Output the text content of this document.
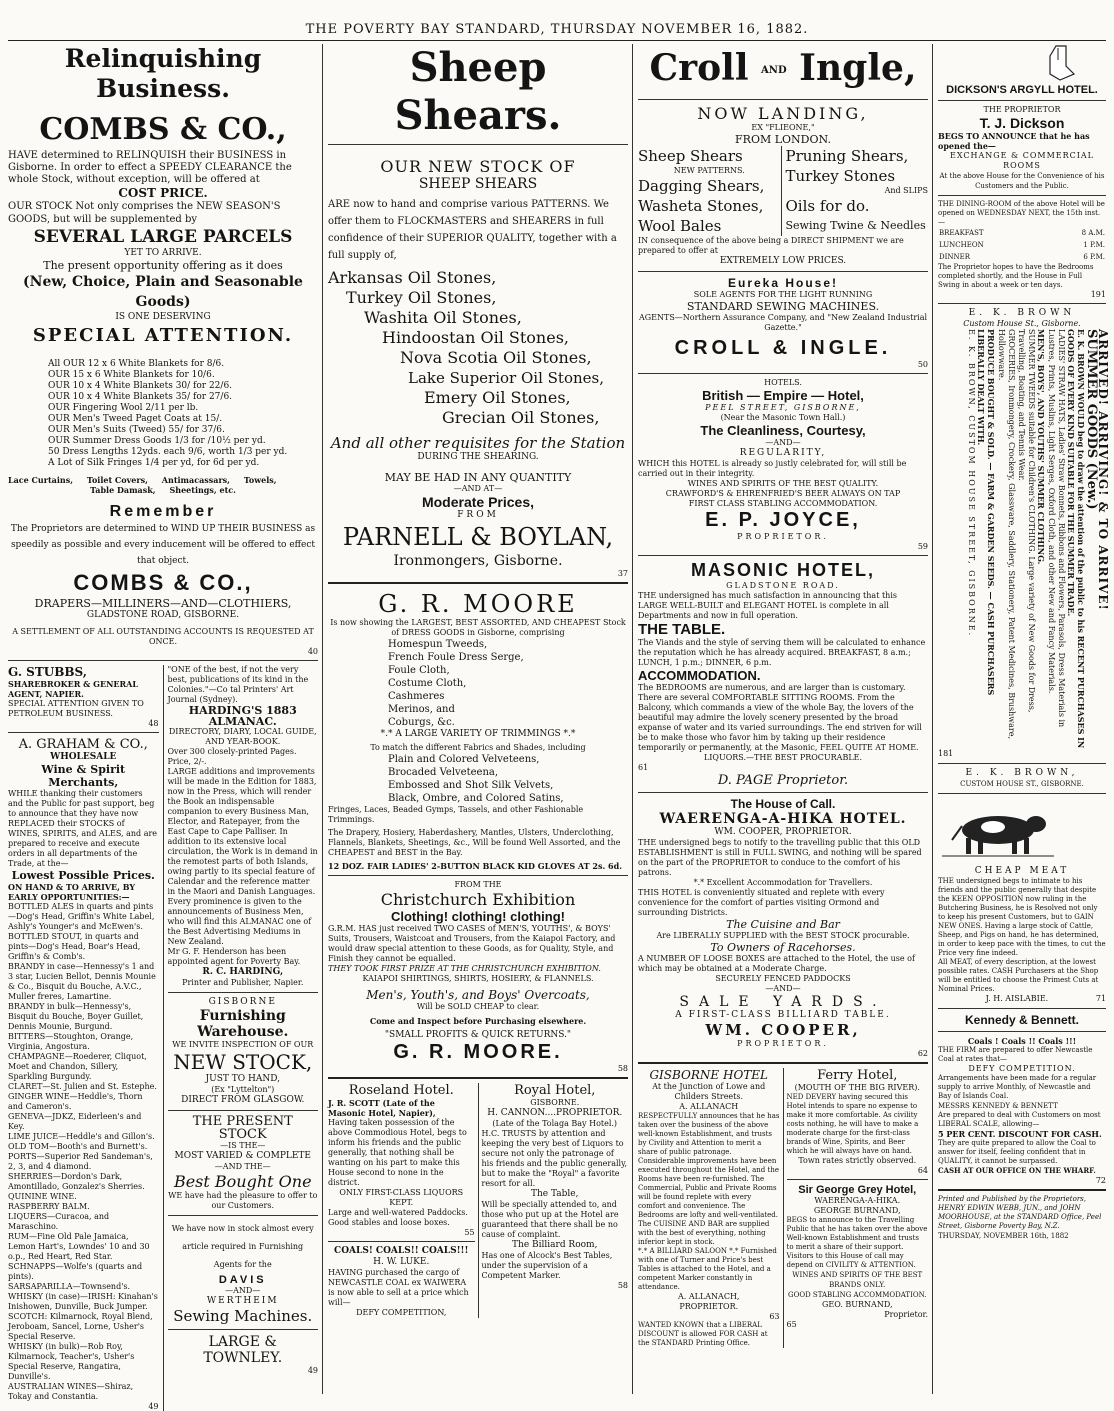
THE POVERTY BAY STANDARD, THURSDAY NOVEMBER 16, 1882.

Relinquishing Business.

COMBS & CO.,

HAVE determined to RELINQUISH their BUSINESS in Gisborne. In order to effect a SPEEDY CLEARANCE the whole Stock, without exception, will be offered at

COST PRICE.

OUR STOCK Not only comprises the NEW SEASON'S GOODS, but will be supplemented by

SEVERAL LARGE PARCELS

YET TO ARRIVE.

The present opportunity offering as it does

(New, Choice, Plain and Seasonable Goods)

IS ONE DESERVING

SPECIAL ATTENTION.

All OUR 12 x 6 White Blankets for 8/6.
OUR 15 x 6 White Blankets for 10/6.
OUR 10 x 4 White Blankets 30/ for 22/6.
OUR 10 x 4 White Blankets 35/ for 27/6.
OUR Fingering Wool 2/11 per lb.
OUR Men's Tweed Paget Coats at 15/.
OUR Men's Suits (Tweed) 55/ for 37/6.
OUR Summer Dress Goods 1/3 for /10½ per yd.
50 Dress Lengths 12yds. each 9/6, worth 1/3 per yd.
A Lot of Silk Fringes 1/4 per yd, for 6d per yd.

Lace Curtains,     Toilet Covers,     Antimacassars,     Towels,

Table Damask,     Sheetings, etc.

Remember

The Proprietors are determined to WIND UP THEIR BUSINESS as speedily as possible and every inducement will be offered to effect that object.

COMBS & CO.,

DRAPERS—MILLINERS—AND—CLOTHIERS,

GLADSTONE ROAD, GISBORNE.

A SETTLEMENT OF ALL OUTSTANDING ACCOUNTS IS REQUESTED AT ONCE.

40

G. STUBBS,

SHAREBROKER & GENERAL AGENT, NAPIER.

SPECIAL ATTENTION GIVEN TO PETROLEUM BUSINESS.

48

A. GRAHAM & CO.,

WHOLESALE

Wine & Spirit Merchants,

WHILE thanking their customers and the Public for past support, beg to announce that they have now REPLACED their STOCKS of WINES, SPIRITS, and ALES, and are prepared to receive and execute orders in all departments of the Trade, at the—

Lowest Possible Prices.

ON HAND & TO ARRIVE, BY EARLY OPPORTUNITIES:—

BOTTLED ALES in quarts and pints—Dog's Head, Griffin's White Label, Ashly's Younger's and McEwen's.
BOTTLED STOUT, in quarts and pints—Dog's Head, Boar's Head, Griffin's & Comb's.
BRANDY in case—Hennessy's 1 and 3 star, Lucien Bellot, Dennis Mounie & Co., Bisquit du Bouche, A.V.C., Muller freres, Lamartine.
BRANDY in bulk—Hennessy's, Bisquit du Bouche, Boyer Guillet, Dennis Mounie, Burgund.
BITTERS—Stoughton, Orange, Virginia, Angostura.
CHAMPAGNE—Roederer, Cliquot, Moet and Chandon, Sillery, Sparkling Burgundy.
CLARET—St. Julien and St. Estephe.
GINGER WINE—Heddle's, Thorn and Cameron's.
GENEVA—JDKZ, Eiderleen's and Key.
LIME JUICE—Heddle's and Gillon's.
OLD TOM—Booth's and Burnett's.
PORTS—Superior Red Sandeman's, 2, 3, and 4 diamond.
SHERRIES—Dordon's Dark, Amontillado, Gonzalez's Sherries.
QUININE WINE.
RASPBERRY BALM.
LIQUERS—Curacoa, and Maraschino.
RUM—Fine Old Pale Jamaica, Lemon Hart's, Lowndes' 10 and 30 o.p., Red Heart, Red Star.
SCHNAPPS—Wolfe's (quarts and pints).
SARSAPARILLA—Townsend's.
WHISKY (in case)—IRISH: Kinahan's Inishowen, Dunville, Buck Jumper. SCOTCH: Kilmarnock, Royal Blend, Jeroboam, Sancel, Lorne, Usher's Special Reserve.
WHISKY (in bulk)—Rob Roy, Kilmarnock, Teacher's, Usher's Special Reserve, Rangatira, Dunville's.
AUSTRALIAN WINES—Shiraz, Tokay and Constantia.

49

"ONE of the best, if not the very best, publications of its kind in the Colonies."—Co tal Printers' Art Journal (Sydney).

HARDING'S 1883 ALMANAC.

DIRECTORY, DIARY, LOCAL GUIDE, AND YEAR-BOOK.

Over 300 closely-printed Pages. Price, 2/-.

LARGE additions and improvements will be made in the Edition for 1883, now in the Press, which will render the Book an indispensable companion to every Business Man, Elector, and Ratepayer, from the East Cape to Cape Palliser. In addition to its extensive local circulation, the Work is in demand in the remotest parts of both Islands, owing partly to its special feature of Calendar and the reference matter in the Maori and Danish Languages.

Every prominence is given to the announcements of Business Men, who will find this ALMANAC one of the Best Advertising Mediums in New Zealand.

Mr G. F. Henderson has been appointed agent for Poverty Bay.

R. C. HARDING,

Printer and Publisher, Napier.

GISBORNE

Furnishing Warehouse.

WE INVITE INSPECTION OF OUR

NEW STOCK,

JUST TO HAND,

(Ex "Lyttelton")

DIRECT FROM GLASGOW.

THE PRESENT STOCK

—IS THE—

MOST VARIED & COMPLETE

—AND THE—

Best Bought One

WE have had the pleasure to offer to our Customers.

We have now in stock almost every article required in Furnishing Agents for the

DAVIS

—AND—

WERTHEIM

Sewing Machines.

LARGE & TOWNLEY.

49

Sheep Shears.

OUR NEW STOCK OF

SHEEP SHEARS

ARE now to hand and comprise various PATTERNS. We offer them to FLOCKMASTERS and SHEARERS in full confidence of their SUPERIOR QUALITY, together with a full supply of,

Arkansas Oil Stones,

Turkey Oil Stones,

Washita Oil Stones,

Hindoostan Oil Stones,

Nova Scotia Oil Stones,

Lake Superior Oil Stones,

Emery Oil Stones,

Grecian Oil Stones,

And all other requisites for the Station

DURING THE SHEARING.

MAY BE HAD IN ANY QUANTITY

—AND AT—

Moderate Prices,

FROM

PARNELL & BOYLAN,

Ironmongers, Gisborne.

37

G. R. MOORE

Is now showing the LARGEST, BEST ASSORTED, AND CHEAPEST Stock of DRESS GOODS in Gisborne, comprising

Homespun Tweeds,

French Foule Dress Serge,

Foule Cloth,

Costume Cloth,

Cashmeres

Merinos, and

Coburgs, &c.

*.* A LARGE VARIETY OF TRIMMINGS *.*

To match the different Fabrics and Shades, including

Plain and Colored Velveteens,

Brocaded Velveteena,

Embossed and Shot Silk Velvets,

Black, Ombre, and Colored Satins,

Fringes, Laces, Beaded Gymps, Tassels, and other Fashionable Trimmings.

The Drapery, Hosiery, Haberdashery, Mantles, Ulsters, Underclothing, Flannels, Blankets, Sheetings, &c., Will be found Well Assorted, and the CHEAPEST and BEST in the Bay.

12 DOZ. FAIR LADIES' 2-BUTTON BLACK KID GLOVES AT 2s. 6d.

FROM THE

Christchurch Exhibition

Clothing! clothing! clothing!

G.R.M. HAS just received TWO CASES of MEN'S, YOUTHS', & BOYS' Suits, Trousers, Waistcoat and Trousers, from the Kaiapoi Factory, and would draw special attention to these Goods, as for Quality, Style, and Finish they cannot be equalled.

THEY TOOK FIRST PRIZE AT THE CHRISTCHURCH EXHIBITION.

KAIAPOI SHIRTINGS, SHIRTS, HOSIERY, & FLANNELS.

Men's, Youth's, and Boys' Overcoats,

Will be SOLD CHEAP to clear.

Come and Inspect before Purchasing elsewhere.

"SMALL PROFITS & QUICK RETURNS."

G. R. MOORE.

58

Roseland Hotel.

J. R. SCOTT (Late of the Masonic Hotel, Napier),

Having taken possession of the above Commodious Hotel, begs to inform his friends and the public generally, that nothing shall be wanting on his part to make this House second to none in the district.

ONLY FIRST-CLASS LIQUORS KEPT.

Large and well-watered Paddocks. Good stables and loose boxes.

55

COALS! COALS!! COALS!!!

H. W. LUKE.

HAVING purchased the cargo of NEWCASTLE COAL ex WAIWERA is now able to sell at a price which will—

DEFY COMPETITION,

Royal Hotel,

GISBORNE.

H. CANNON....PROPRIETOR.

(Late of the Tolaga Bay Hotel.)

H.C. TRUSTS by attention and keeping the very best of Liquors to secure not only the patronage of his friends and the public generally, but to make the "Royal" a favorite resort for all.

The Table,

Will be specially attended to, and those who put up at the Hotel are guaranteed that there shall be no cause of complaint.

The Billiard Room,

Has one of Alcock's Best Tables, under the supervision of a Competent Marker.

58

Croll AND Ingle,

NOW LANDING,

EX "FLIEONE,"

FROM LONDON.

Sheep Shears

NEW PATTERNS.

Dagging Shears,

Washeta Stones,

Wool Bales

Pruning Shears,

Turkey Stones

And SLIPS

Oils for do.

Sewing Twine & Needles

IN consequence of the above being a DIRECT SHIPMENT we are prepared to offer at

EXTREMELY LOW PRICES.

Eureka House!

SOLE AGENTS FOR THE LIGHT RUNNING

STANDARD SEWING MACHINES.

AGENTS—Northern Assurance Company, and "New Zealand Industrial Gazette."

CROLL & INGLE.

50

HOTELS.

British — Empire — Hotel,

PEEL STREET, GISBORNE,

(Near the Masonic Town Hall.)

The Cleanliness, Courtesy,

—AND—

REGULARITY,

WHICH this HOTEL is already so justly celebrated for, will still be carried out in their integrity.

WINES AND SPIRITS OF THE BEST QUALITY.

CRAWFORD'S & EHRENFRIED'S BEER ALWAYS ON TAP

FIRST CLASS STABLING ACCOMMODATION.

E. P. JOYCE,

PROPRIETOR.

59

MASONIC HOTEL,

GLADSTONE ROAD.

THE undersigned has much satisfaction in announcing that this LARGE WELL-BUILT and ELEGANT HOTEL is complete in all Departments and now in full operation.

THE TABLE.

The Viands and the style of serving them will be calculated to enhance the reputation which he has already acquired. BREAKFAST, 8 a.m.; LUNCH, 1 p.m.; DINNER, 6 p.m.

ACCOMMODATION.

The BEDROOMS are numerous, and are larger than is customary. There are several COMFORTABLE SITTING ROOMS. From the Balcony, which commands a view of the whole Bay, the lovers of the beautiful may admire the lovely scenery presented by the broad expanse of water and its varied surroundings. The end striven for will be to make those who favor him by taking up their residence temporarily or permanently, at the Masonic, FEEL QUITE AT HOME.

LIQUORS.—THE BEST PROCURABLE.

61

D. PAGE Proprietor.

The House of Call.

WAERENGA-A-HIKA HOTEL.

WM. COOPER, PROPRIETOR.

THE undersigned begs to notify to the travelling public that this OLD ESTABLISHMENT is still in FULL SWING, and nothing will be spared on the part of the PROPRIETOR to conduce to the comfort of his patrons.

*.* Excellent Accommodation for Travellers.

THIS HOTEL is conveniently situated and replete with every convenience for the comfort of parties visiting Ormond and surrounding Districts.

The Cuisine and Bar

Are LIBERALLY SUPPLIED with the BEST STOCK procurable.

To Owners of Racehorses.

A NUMBER OF LOOSE BOXES are attached to the Hotel, the use of which may be obtained at a Moderate Charge.

SECURELY FENCED PADDOCKS

—AND—

SALE YARDS.

A FIRST-CLASS BILLIARD TABLE.

WM. COOPER,

PROPRIETOR.

62

GISBORNE HOTEL

At the Junction of Lowe and Childers Streets.

A. ALLANACH

RESPECTFULLY announces that he has taken over the business of the above well-known Establishment, and trusts by Civility and Attention to merit a share of public patronage. Considerable improvements have been executed throughout the Hotel, and the Rooms have been re-furnished. The Commercial, Public and Private Rooms will be found replete with every comfort and convenience. The Bedrooms are lofty and well-ventilated. The CUISINE AND BAR are supplied with the best of everything, nothing inferior kept in stock.

*.* A BILLIARD SALOON *.* Furnished with one of Turner and Price's best Tables is attached to the Hotel, and a competent Marker constantly in attendance.

A. ALLANACH,

PROPRIETOR.

63

WANTED KNOWN that a LIBERAL DISCOUNT is allowed FOR CASH at the STANDARD Printing Office.

Ferry Hotel,

(MOUTH OF THE BIG RIVER).

NED DEVERY having secured this Hotel intends to spare no expense to make it more comfortable. As civility costs nothing, he will have to make a moderate charge for the first-class brands of Wine, Spirits, and Beer which he will always have on hand.

Town rates strictly observed.

64

Sir George Grey Hotel,

WAERENGA-A-HIKA.

GEORGE BURNAND,

BEGS to announce to the Travelling Public that he has taken over the above Well-known Establishment and trusts to merit a share of their support. Visitors to this House of call may depend on CIVILITY & ATTENTION.

WINES AND SPIRITS OF THE BEST BRANDS ONLY.

GOOD STABLING ACCOMMODATION.

GEO. BURNAND,

Proprietor.

65

DICKSON'S ARGYLL HOTEL.

THE PROPRIETOR

T. J. Dickson

BEGS TO ANNOUNCE that he has opened the—

EXCHANGE & COMMERCIAL ROOMS

At the above House for the Convenience of his Customers and the Public.

THE DINING-ROOM of the above Hotel will be opened on WEDNESDAY NEXT, the 15th inst.—

BREAKFAST	8 A.M.
LUNCHEON	1 P.M.
DINNER	6 P.M.

The Proprietor hopes to have the Bedrooms completed shortly, and the House in Full Swing in about a week or ten days.

191

E. K. BROWN

Custom House St., Gisborne.

ARRIVED! ARRIVING! & TO ARRIVE!

SUMMER GOODS (New.)

E. K. BROWN WOULD beg to draw the attention of the public to his RECENT PURCHASES IN GOODS OF EVERY KIND SUITABLE FOR THE SUMMER TRADE.

LADIES' STRAW HATS, Ladies' Straw Bonnets, Ribbons and Flowers, Parasols, Dress Materials in Lustres, Prints, Muslins, Light Serges, Oxford Cloth, and other New and Fancy Materials.

MEN'S, BOYS', AND YOUTHS' SUMMER CLOTHING.

SUMMER TWEEDS suitable for Children's CLOTHING. Large variety of New Goods for Dress, Travelling, Boating, and Tennis Wear.

GROCERIES, Ironmongery, Crockery, Glassware, Saddlery, Stationery, Patent Medicines, Brushware, Hollowware.

PRODUCE BOUGHT & SOLD. — FARM & GARDEN SEEDS. — CASH PURCHASERS LIBERALLY DEALT WITH.

E. K. BROWN, CUSTOM HOUSE STREET, GISBORNE.

181

E. K. BROWN,

CUSTOM HOUSE ST., GISBORNE.

CHEAP MEAT

THE undersigned begs to intimate to his friends and the public generally that despite the KEEN OPPOSITION now ruling in the Butchering Business, he is Resolved not only to keep his present Customers, but to GAIN NEW ONES. Having a large stock of Cattle, Sheep, and Pigs on hand, he has determined, in order to keep pace with the times, to cut the Price very fine indeed.

All MEAT, of every description, at the lowest possible rates. CASH Purchasers at the Shop will be entitled to choose the Primest Cuts at Nominal Prices.

J. H. AISLABIE.	71

Kennedy & Bennett.

Coals ! Coals !! Coals !!!

THE FIRM are prepared to offer Newcastle Coal at rates that—

DEFY COMPETITION.

Arrangements have been made for a regular supply to arrive Monthly, of Newcastle and Bay of Islands Coal.

MESSRS KENNEDY & BENNETT

Are prepared to deal with Customers on most LIBERAL SCALE, allowing—

5 PER CENT. DISCOUNT FOR CASH.

They are quite prepared to allow the Coal to answer for itself, feeling confident that in QUALITY, it cannot be surpassed.

CASH AT OUR OFFICE ON THE WHARF.

72

Printed and Published by the Proprietors, HENRY EDWIN WEBB, JUN., and JOHN MOORHOUSE, at the STANDARD Office, Peel Street, Gisborne Poverty Bay, N.Z.

THURSDAY, NOVEMBER 16th, 1882
